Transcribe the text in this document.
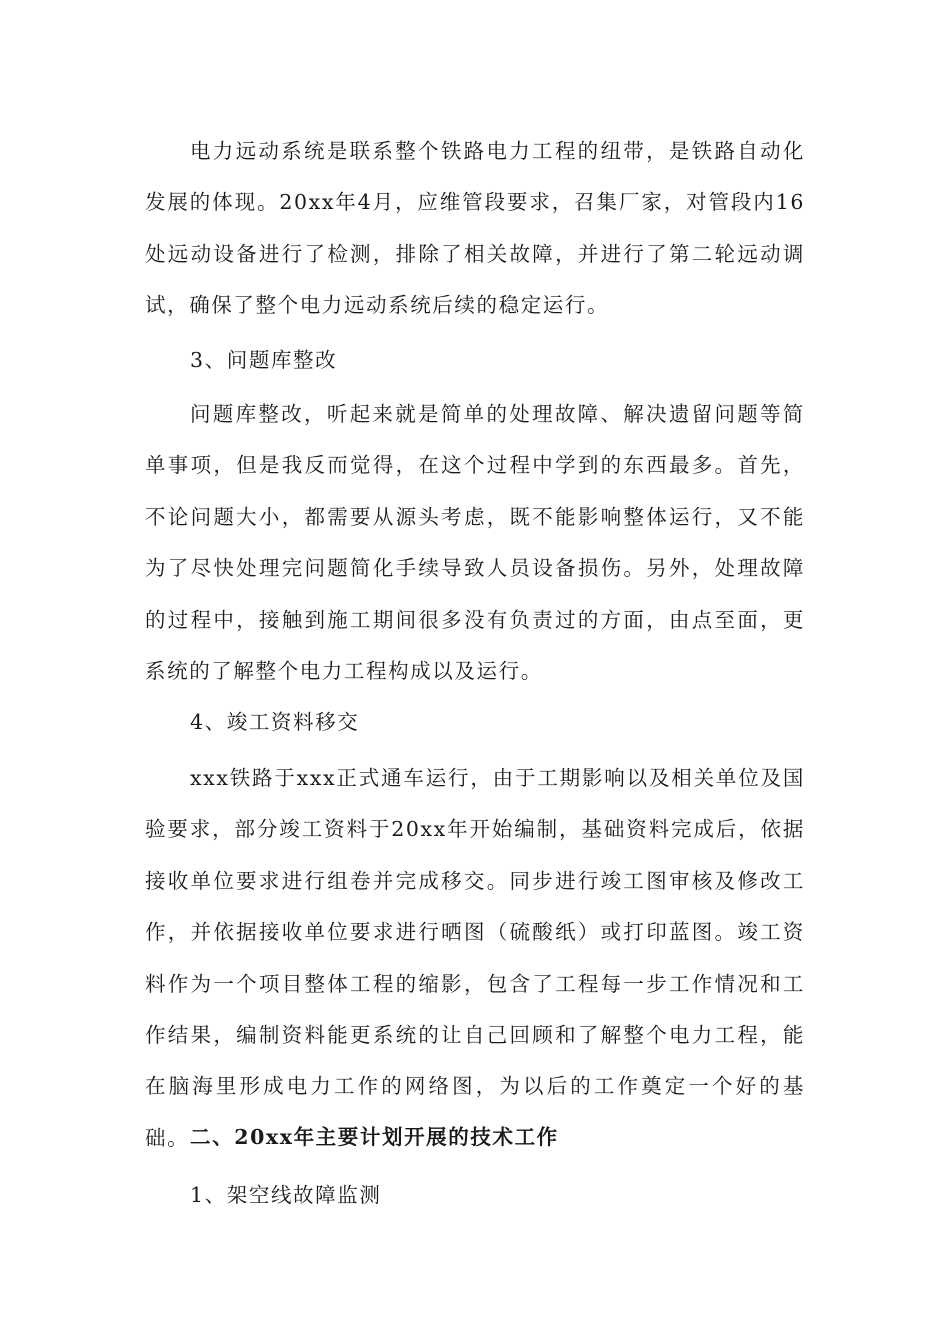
电力远动系统是联系整个铁路电力工程的纽带，是铁路自动化发展的体现。20xx年4月，应维管段要求，召集厂家，对管段内16处远动设备进行了检测，排除了相关故障，并进行了第二轮远动调试，确保了整个电力远动系统后续的稳定运行。

3、问题库整改

问题库整改，听起来就是简单的处理故障、解决遗留问题等简单事项，但是我反而觉得，在这个过程中学到的东西最多。首先，不论问题大小，都需要从源头考虑，既不能影响整体运行，又不能为了尽快处理完问题简化手续导致人员设备损伤。另外，处理故障的过程中，接触到施工期间很多没有负责过的方面，由点至面，更系统的了解整个电力工程构成以及运行。

4、竣工资料移交

xxx铁路于xxx正式通车运行，由于工期影响以及相关单位及国验要求，部分竣工资料于20xx年开始编制，基础资料完成后，依据接收单位要求进行组卷并完成移交。同步进行竣工图审核及修改工作，并依据接收单位要求进行晒图（硫酸纸）或打印蓝图。竣工资料作为一个项目整体工程的缩影，包含了工程每一步工作情况和工作结果，编制资料能更系统的让自己回顾和了解整个电力工程，能在脑海里形成电力工作的网络图，为以后的工作奠定一个好的基础。 二、20xx年主要计划开展的技术工作

1、架空线故障监测
